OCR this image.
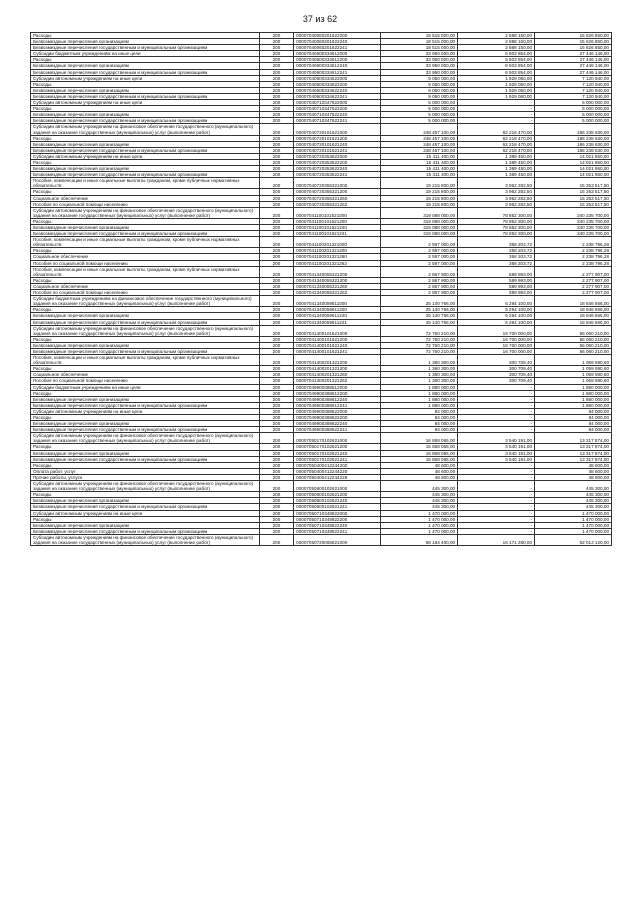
37 из 62
Расходы	200	00007040060201622200	18 515 000,00	2 888 150,00	15 626 850,00
Безвозмездные перечисления организациям	200	00007040060201622240	18 515 000,00	2 888 150,00	15 626 850,00
Безвозмездные перечисления государственным и муниципальным организациям	200	00007040060201622241	18 515 000,00	2 888 150,00	15 626 850,00
Субсидии бюджетным учреждениям на иные цели	200	00007040600334612000	33 950 000,00	6 503 854,00	27 446 146,00
Расходы	200	00007040600334612200	33 950 000,00	6 503 854,00	27 446 146,00
Безвозмездные перечисления организациям	200	00007040600334612240	33 950 000,00	6 503 854,00	27 446 146,00
Безвозмездные перечисления государственным и муниципальным организациям	200	00007040600334612241	33 950 000,00	6 503 854,00	27 446 146,00
Субсидии автономным учреждениям на иные цели	200	00007040600334622000	9 050 000,00	1 929 060,00	7 120 940,00
Расходы	200	00007040600334622200	9 050 000,00	1 929 060,00	7 120 940,00
Безвозмездные перечисления организациям	200	00007040600334622240	9 050 000,00	1 929 060,00	7 120 940,00
Безвозмездные перечисления государственным и муниципальным организациям	200	00007040600334622241	9 050 000,00	1 929 060,00	7 120 940,00
Субсидии автономным учреждениям на иные цели	200	00007040710347622000	5 000 000,00	-	5 000 000,00
Расходы	200	00007040710347622200	5 000 000,00	-	5 000 000,00
Безвозмездные перечисления организациям	200	00007040710347622240	5 000 000,00	-	5 000 000,00
Безвозмездные перечисления государственным и муниципальным организациям	200	00007040710347622241	5 000 000,00	-	5 000 000,00
Субсидии автономным учреждениям на финансовое обеспечение государственного (муниципального) задания на оказание государственных (муниципальных) услуг (выполнение работ)	200	00007040720101621000	248 457 100,00	62 218 470,00	186 238 630,00
Расходы	200	00007040720101621200	248 457 100,00	62 218 470,00	186 238 630,00
Безвозмездные перечисления организациям	200	00007040720101621240	248 457 100,00	62 218 470,00	186 238 630,00
Безвозмездные перечисления государственным и муниципальным организациям	200	00007040720101621241	248 457 100,00	62 218 470,00	186 238 630,00
Субсидии автономным учреждениям на иные цели	200	00007040720353622000	15 411 400,00	1 389 450,00	14 021 950,00
Расходы	200	00007040720353622200	15 411 400,00	1 389 450,00	14 021 950,00
Безвозмездные перечисления организациям	200	00007040720353622240	15 411 400,00	1 389 450,00	14 021 950,00
Безвозмездные перечисления государственным и муниципальным организациям	200	00007040720353622241	15 411 400,00	1 389 450,00	14 021 950,00
Пособия, компенсации и иные социальные выплаты гражданам, кроме публичных нормативных обязательств	200	00007040720355321000	19 215 800,00	3 962 282,50	15 253 517,50
Расходы	200	00007040720355321200	19 215 800,00	3 962 282,50	15 253 517,50
Социальное обеспечение	200	00007040720355321260	19 215 800,00	3 962 282,50	15 253 517,50
Пособия по социальной помощи населению	200	00007040720355321262	19 215 800,00	3 962 282,50	15 253 517,50
Субсидии автономным учреждениям на финансовое обеспечение государственного (муниципального) задания на оказание государственных (муниципальных) услуг (выполнение работ)	200	00007041100101621000	319 088 000,00	78 852 300,00	240 235 700,00
Расходы	200	00007041100101621200	319 088 000,00	78 852 300,00	240 235 700,00
Безвозмездные перечисления организациям	200	00007041100101621240	319 088 000,00	78 852 300,00	240 235 700,00
Безвозмездные перечисления государственным и муниципальным организациям	200	00007041100101621241	319 088 000,00	78 852 300,00	240 235 700,00
Пособия, компенсации и иные социальные выплаты гражданам, кроме публичных нормативных обязательств	200	00007041100201321000	2 597 000,00	358 203,72	2 238 796,28
Расходы	200	00007041100201321200	2 597 000,00	358 203,72	2 238 796,28
Социальное обеспечение	200	00007041100201321260	2 597 000,00	358 203,72	2 238 796,28
Пособия по социальной помощи населению	200	00007041100201321262	2 597 000,00	358 203,72	2 238 796,28
Пособия, компенсации и иные социальные выплаты гражданам, кроме публичных нормативных обязательств	200	00007041340055321000	2 867 900,00	589 993,00	2 277 907,00
Расходы	200	00007041340055321200	2 867 900,00	589 993,00	2 277 907,00
Социальное обеспечение	200	00007041340055321260	2 867 900,00	589 993,00	2 277 907,00
Пособия по социальной помощи населению	200	00007041340055321262	2 867 900,00	589 993,00	2 277 907,00
Субсидии бюджетным учреждениям на финансовое обеспечение государственного (муниципального) задания на оказание государственных (муниципальных) услуг (выполнение работ)	200	00007041340059611000	25 140 766,00	6 294 100,00	18 846 666,00
Расходы	200	00007041340059611200	25 140 766,00	6 294 100,00	18 846 666,00
Безвозмездные перечисления организациям	200	00007041340059611240	25 140 766,00	6 294 100,00	18 846 666,00
Безвозмездные перечисления государственным и муниципальным организациям	200	00007041340059611241	25 140 766,00	6 294 100,00	18 846 666,00
Субсидии автономным учреждениям на финансовое обеспечение государственного (муниципального) задания на оказание государственных (муниципальных) услуг (выполнение работ)	200	00007041400101621000	72 760 210,00	16 700 000,00	56 060 210,00
Расходы	200	00007041400101621200	72 760 210,00	16 700 000,00	56 060 210,00
Безвозмездные перечисления организациям	200	00007041400101621240	72 760 210,00	16 700 000,00	56 060 210,00
Безвозмездные перечисления государственным и муниципальным организациям	200	00007041400101621241	72 760 210,00	16 700 000,00	56 060 210,00
Пособия, компенсации и иные социальные выплаты гражданам, кроме публичных нормативных обязательств	200	00007041400201321000	1 360 300,00	300 709,40	1 059 590,60
Расходы	200	00007041400201321200	1 360 300,00	300 709,40	1 059 590,60
Социальное обеспечение	200	00007041400201321260	1 360 300,00	300 709,40	1 059 590,60
Пособия по социальной помощи населению	200	00007041400201321262	1 360 300,00	300 709,40	1 059 590,60
Субсидии бюджетным учреждениям на иные цели	200	00007049900388612000	1 880 000,00	-	1 880 000,00
Расходы	200	00007049900388612200	1 880 000,00	-	1 880 000,00
Безвозмездные перечисления организациям	200	00007049900388612240	1 880 000,00	-	1 880 000,00
Безвозмездные перечисления государственным и муниципальным организациям	200	00007049900388612241	1 880 000,00	-	1 880 000,00
Субсидии автономным учреждениям на иные цели	200	00007049900388622000	84 000,00	-	84 000,00
Расходы	200	00007049900388622200	84 000,00	-	84 000,00
Безвозмездные перечисления организациям	200	00007049900388622240	84 000,00	-	84 000,00
Безвозмездные перечисления государственным и муниципальным организациям	200	00007049900388622241	84 000,00	-	84 000,00
Субсидии автономным учреждениям на финансовое обеспечение государственного (муниципального) задания на оказание государственных (муниципальных) услуг (выполнение работ)	200	00007050170102621000	16 858 065,00	3 540 191,00	13 317 874,00
Расходы	200	00007050170102621200	16 858 065,00	3 540 191,00	13 317 874,00
Безвозмездные перечисления организациям	200	00007050170102621240	16 858 065,00	3 540 191,00	13 317 874,00
Безвозмездные перечисления государственным и муниципальным организациям	200	00007050170102621241	16 858 065,00	3 540 191,00	13 317 874,00
Расходы	200	00007050400412244200	48 600,00	-	48 600,00
Оплата работ, услуг	200	00007050400412244220	48 600,00	-	48 600,00
Прочие работы, услуги	200	00007050400412244226	48 600,00	-	48 600,00
Субсидии автономным учреждениям на финансовое обеспечение государственного (муниципального) задания на оказание государственных (муниципальных) услуг (выполнение работ)	200	00007050600102621000	445 300,00	-	445 300,00
Расходы	200	00007050600102621200	445 300,00	-	445 300,00
Безвозмездные перечисления организациям	200	00007050600102621240	445 300,00	-	445 300,00
Безвозмездные перечисления государственным и муниципальным организациям	200	00007050600102621241	445 300,00	-	445 300,00
Субсидии автономным учреждениям на иные цели	200	00007050710348822000	1 470 000,00	-	1 470 000,00
Расходы	200	00007050710348822200	1 470 000,00	-	1 470 000,00
Безвозмездные перечисления организациям	200	00007050710348822240	1 470 000,00	-	1 470 000,00
Безвозмездные перечисления государственным и муниципальным организациям	200	00007050710348822241	1 470 000,00	-	1 470 000,00
Субсидии автономным учреждениям на финансовое обеспечение государственного (муниципального) задания на оказание государственных (муниципальных) услуг (выполнение работ)	200	00007050720065621000	68 184 400,00	16 171 280,00	52 013 120,00
